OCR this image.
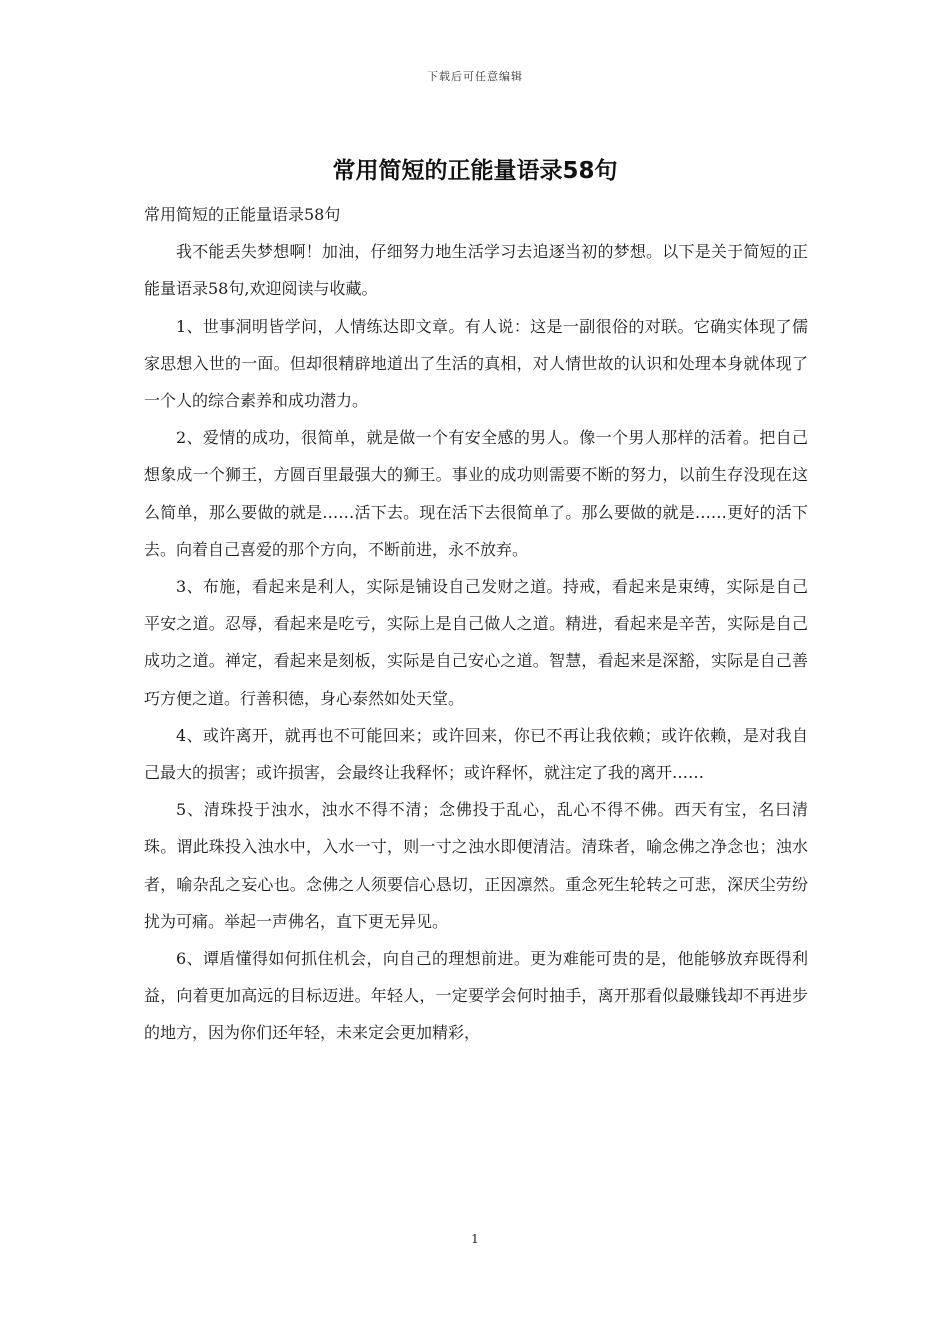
下载后可任意编辑
常用简短的正能量语录58句

常用简短的正能量语录58句

我不能丢失梦想啊！加油，仔细努力地生活学习去追逐当初的梦想。以下是关于简短的正能量语录58句,欢迎阅读与收藏。

1、世事洞明皆学问，人情练达即文章。有人说：这是一副很俗的对联。它确实体现了儒家思想入世的一面。但却很精辟地道出了生活的真相，对人情世故的认识和处理本身就体现了一个人的综合素养和成功潜力。

2、爱情的成功，很简单，就是做一个有安全感的男人。像一个男人那样的活着。把自己想象成一个狮王，方圆百里最强大的狮王。事业的成功则需要不断的努力，以前生存没现在这么简单，那么要做的就是……活下去。现在活下去很简单了。那么要做的就是……更好的活下去。向着自己喜爱的那个方向，不断前进，永不放弃。

3、布施，看起来是利人，实际是铺设自己发财之道。持戒，看起来是束缚，实际是自己平安之道。忍辱，看起来是吃亏，实际上是自己做人之道。精进，看起来是辛苦，实际是自己成功之道。禅定，看起来是刻板，实际是自己安心之道。智慧，看起来是深豁，实际是自己善巧方便之道。行善积德，身心泰然如处天堂。

4、或许离开，就再也不可能回来；或许回来，你已不再让我依赖；或许依赖，是对我自己最大的损害；或许损害，会最终让我释怀；或许释怀，就注定了我的离开……

5、清珠投于浊水，浊水不得不清；念佛投于乱心，乱心不得不佛。西天有宝，名曰清珠。谓此珠投入浊水中，入水一寸，则一寸之浊水即便清洁。清珠者，喻念佛之净念也；浊水者，喻杂乱之妄心也。念佛之人须要信心恳切，正因凛然。重念死生轮转之可悲，深厌尘劳纷扰为可痛。举起一声佛名，直下更无异见。

6、谭盾懂得如何抓住机会，向自己的理想前进。更为难能可贵的是，他能够放弃既得利益，向着更加高远的目标迈进。年轻人，一定要学会何时抽手，离开那看似最赚钱却不再进步的地方，因为你们还年轻，未来定会更加精彩，

1
